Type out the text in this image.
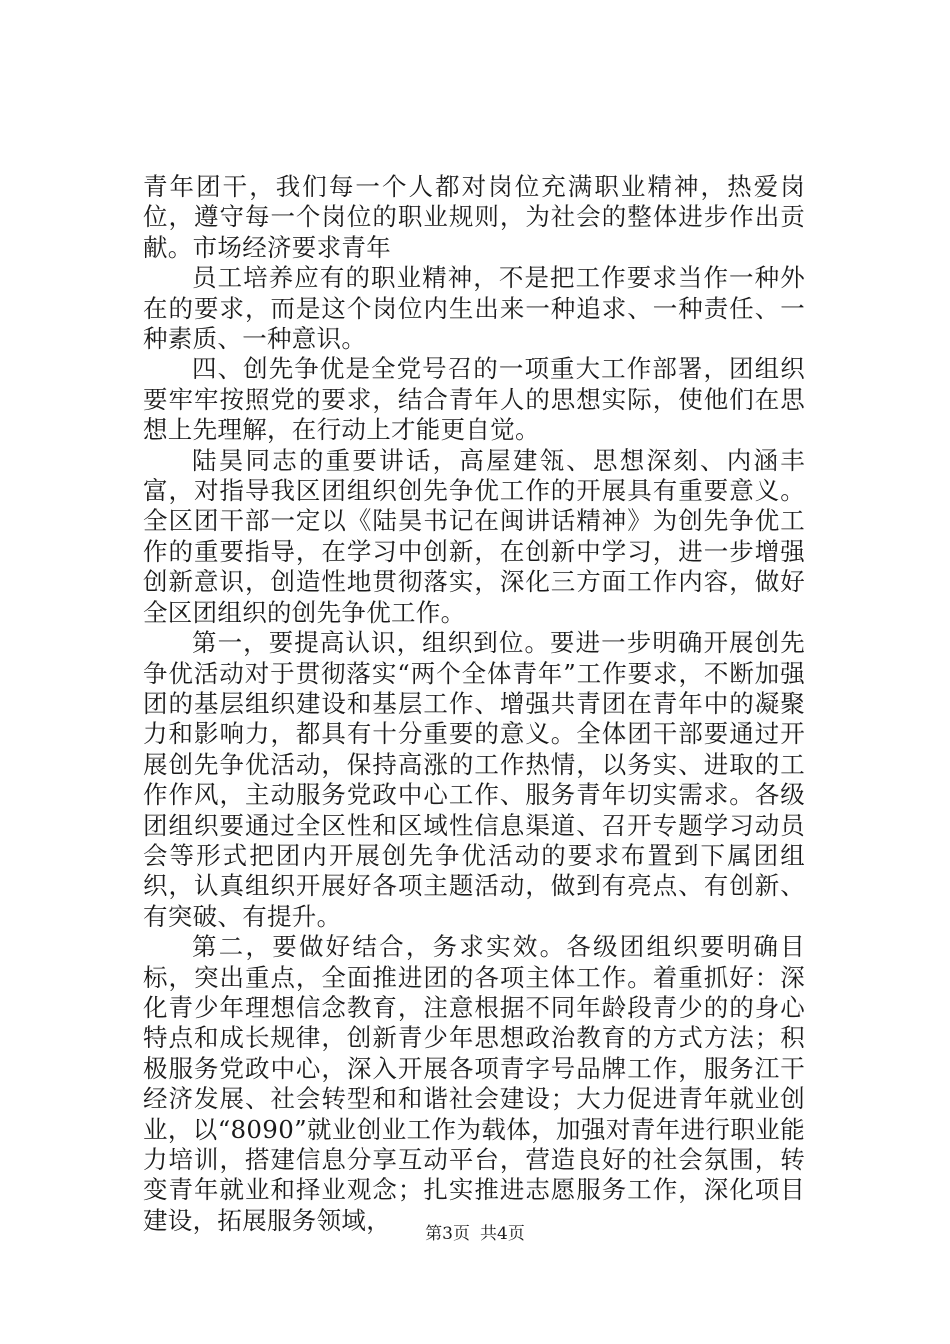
青年团干，我们每一个人都对岗位充满职业精神，热爱岗位，遵守每一个岗位的职业规则，为社会的整体进步作出贡献。市场经济要求青年

员工培养应有的职业精神，不是把工作要求当作一种外在的要求，而是这个岗位内生出来一种追求、一种责任、一种素质、一种意识。

四、创先争优是全党号召的一项重大工作部署，团组织要牢牢按照党的要求，结合青年人的思想实际，使他们在思想上先理解，在行动上才能更自觉。

陆昊同志的重要讲话，高屋建瓴、思想深刻、内涵丰富，对指导我区团组织创先争优工作的开展具有重要意义。全区团干部一定以《陆昊书记在闽讲话精神》为创先争优工作的重要指导，在学习中创新，在创新中学习，进一步增强创新意识，创造性地贯彻落实，深化三方面工作内容，做好全区团组织的创先争优工作。

第一，要提高认识，组织到位。要进一步明确开展创先争优活动对于贯彻落实“两个全体青年”工作要求，不断加强团的基层组织建设和基层工作、增强共青团在青年中的凝聚力和影响力，都具有十分重要的意义。全体团干部要通过开展创先争优活动，保持高涨的工作热情，以务实、进取的工作作风，主动服务党政中心工作、服务青年切实需求。各级团组织要通过全区性和区域性信息渠道、召开专题学习动员会等形式把团内开展创先争优活动的要求布置到下属团组织，认真组织开展好各项主题活动，做到有亮点、有创新、有突破、有提升。

第二，要做好结合，务求实效。各级团组织要明确目标，突出重点，全面推进团的各项主体工作。着重抓好：深化青少年理想信念教育，注意根据不同年龄段青少的的身心特点和成长规律，创新青少年思想政治教育的方式方法；积极服务党政中心，深入开展各项青字号品牌工作，服务江干经济发展、社会转型和和谐社会建设；大力促进青年就业创业，以“8090”就业创业工作为载体，加强对青年进行职业能力培训，搭建信息分享互动平台，营造良好的社会氛围，转变青年就业和择业观念；扎实推进志愿服务工作，深化项目建设，拓展服务领域，	第3页 共4页
